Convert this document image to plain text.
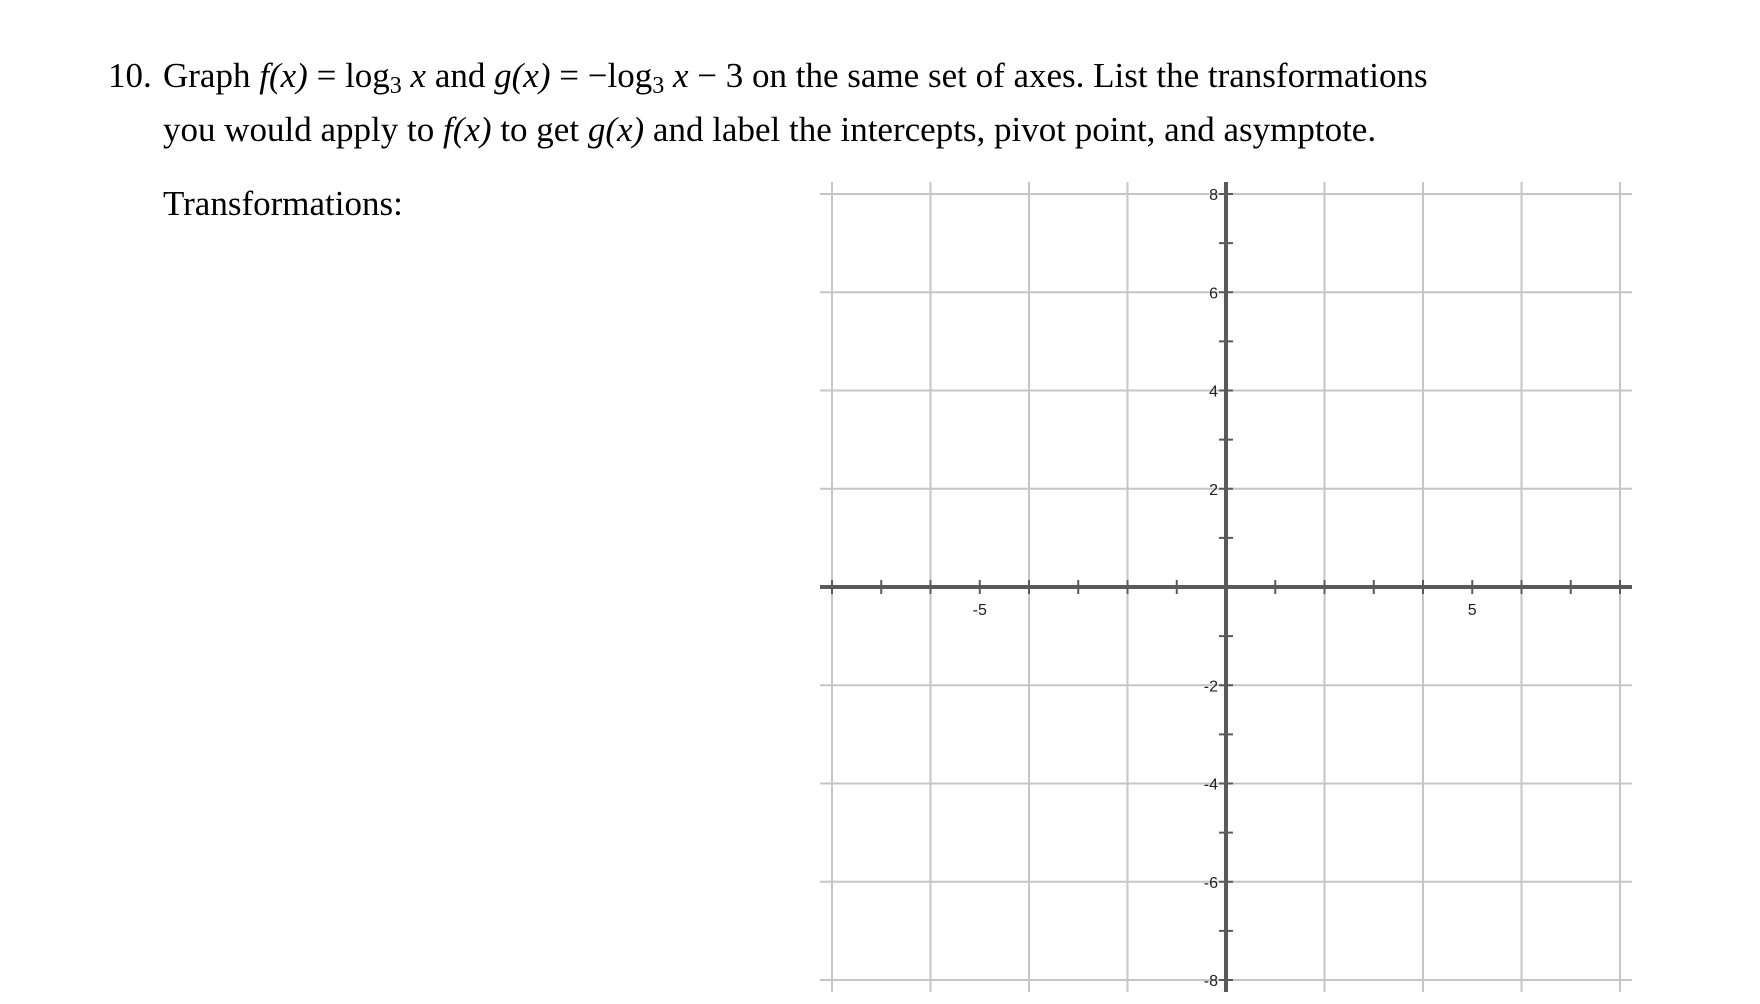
10. Graph $f(x) = \log_3 x$ and $g(x) = -\log_3$ x − 3 on the same set of axes. List the transformations
you would apply to f(x) to get g(x) and label the intercepts, pivot point, and asymptote.
Transformations:
-5	5
8
6
4
2
-2
-4
-6
-8
